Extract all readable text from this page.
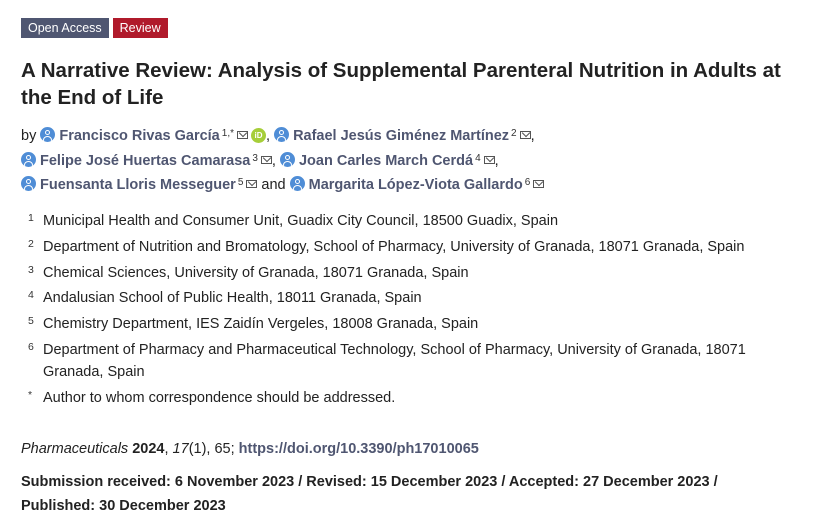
Open Access	Review
A Narrative Review: Analysis of Supplemental Parenteral Nutrition in Adults at the End of Life
by Francisco Rivas García $^{1,*}$	iD , Rafael Jesús Giménez Martínez $^2$ ,
Felipe José Huertas Camarasa $^3$ , Joan Carles March Cerdá $^4$ ,
Fuensanta Lloris Messeguer $^5$ and Margarita López-Viota Gallardo $^6$
1 Municipal Health and Consumer Unit, Guadix City Council, 18500 Guadix, Spain
2 Department of Nutrition and Bromatology, School of Pharmacy, University of Granada, 18071 Granada, Spain
3 Chemical Sciences, University of Granada, 18071 Granada, Spain
4 Andalusian School of Public Health, 18011 Granada, Spain
5 Chemistry Department, IES Zaidín Vergeles, 18008 Granada, Spain
6 Department of Pharmacy and Pharmaceutical Technology, School of Pharmacy, University of Granada, 18071 Granada, Spain
* Author to whom correspondence should be addressed.
Pharmaceuticals 2024, 17(1), 65; https://doi.org/10.3390/ph17010065
Submission received: 6 November 2023 / Revised: 15 December 2023 / Accepted: 27 December 2023 / Published: 30 December 2023
